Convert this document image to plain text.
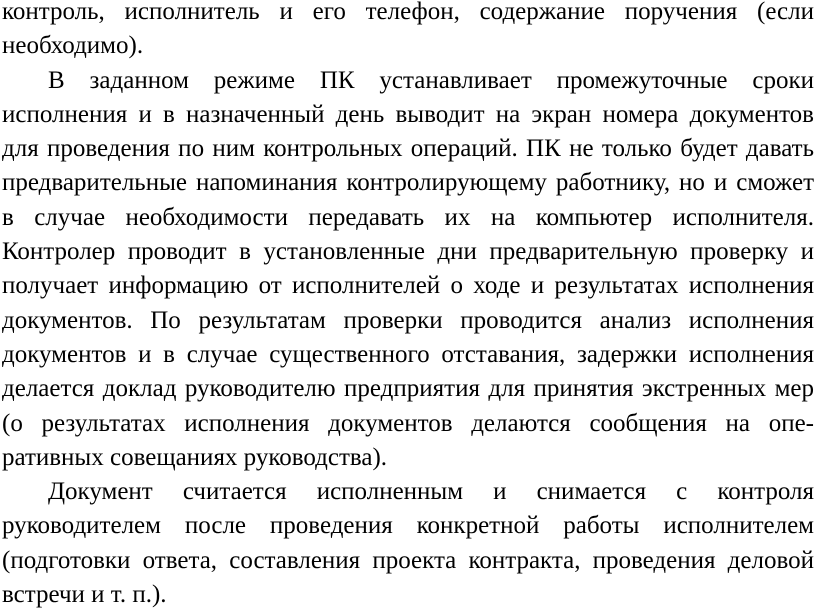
контроль, исполнитель и его телефон, содержание поручения (если
необходимо).
В заданном режиме ПК устанавливает промежуточные сроки
исполнения и в назначенный день выводит на экран номера документов
для проведения по ним контрольных операций. ПК не только будет давать
предварительные напоминания контролирующему работнику, но и сможет
в случае необходимости передавать их на компьютер исполнителя.
Контролер проводит в установленные дни предварительную проверку и
получает информацию от исполнителей о ходе и результатах исполнения
документов. По результатам проверки проводится анализ исполнения
документов и в случае существенного отставания, задержки исполнения
делается доклад руководителю предприятия для принятия экстренных мер
(о результатах исполнения документов делаются сообщения на опе-
ративных совещаниях руководства).
Документ считается исполненным и снимается с контроля
руководителем после проведения конкретной работы исполнителем
(подготовки ответа, составления проекта контракта, проведения деловой
встречи и т. п.).
